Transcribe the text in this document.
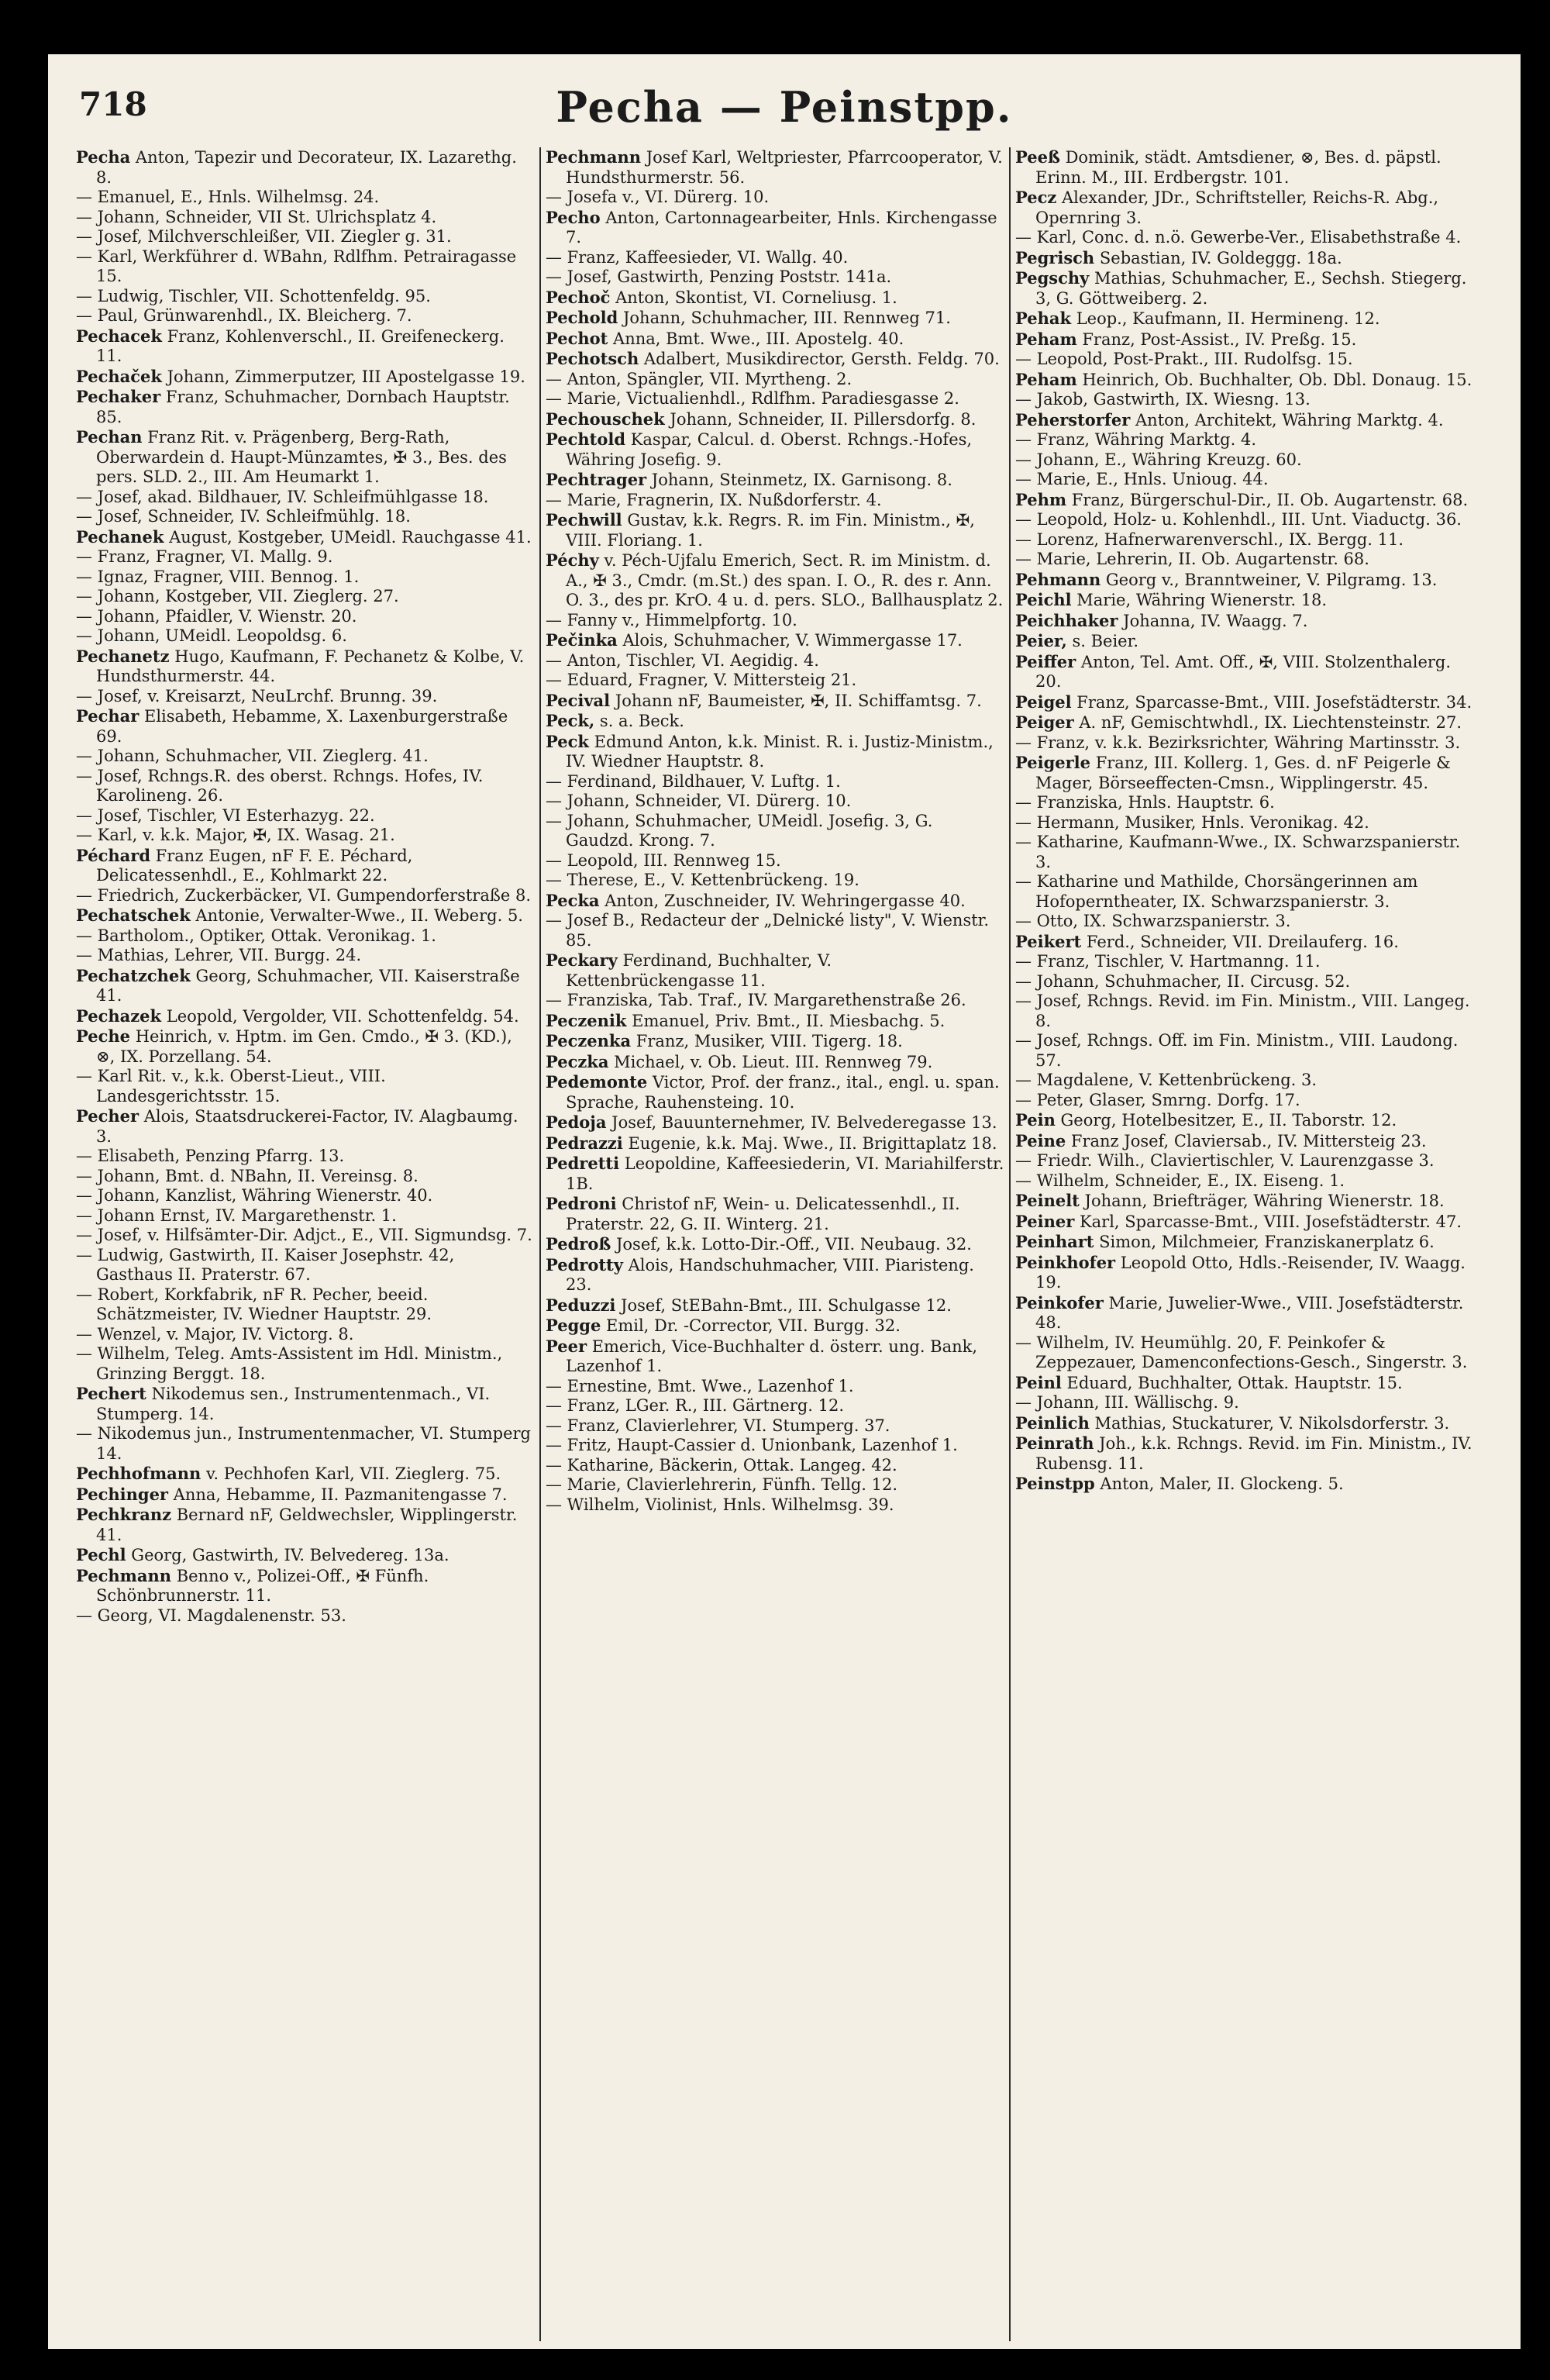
718	Pecha — Peinstpp.

Pecha Anton, Tapezir und Decorateur, IX. Lazarethg. 8.

— Emanuel, E., Hnls. Wilhelmsg. 24.

— Johann, Schneider, VII St. Ulrichsplatz 4.

— Josef, Milchverschleißer, VII. Ziegler g. 31.

— Karl, Werkführer d. WBahn, Rdlfhm. Petrairagasse 15.

— Ludwig, Tischler, VII. Schottenfeldg. 95.

— Paul, Grünwarenhdl., IX. Bleicherg. 7.

Pechacek Franz, Kohlenverschl., II. Greifeneckerg. 11.

Pechaček Johann, Zimmerputzer, III Apostelgasse 19.

Pechaker Franz, Schuhmacher, Dornbach Hauptstr. 85.

Pechan Franz Rit. v. Prägenberg, Berg-Rath, Oberwardein d. Haupt-Münzamtes, ✠ 3., Bes. des pers. SLD. 2., III. Am Heumarkt 1.

— Josef, akad. Bildhauer, IV. Schleifmühlgasse 18.

— Josef, Schneider, IV. Schleifmühlg. 18.

Pechanek August, Kostgeber, UMeidl. Rauchgasse 41.

— Franz, Fragner, VI. Mallg. 9.

— Ignaz, Fragner, VIII. Bennog. 1.

— Johann, Kostgeber, VII. Zieglerg. 27.

— Johann, Pfaidler, V. Wienstr. 20.

— Johann, UMeidl. Leopoldsg. 6.

Pechanetz Hugo, Kaufmann, F. Pechanetz & Kolbe, V. Hundsthurmerstr. 44.

— Josef, v. Kreisarzt, NeuLrchf. Brunng. 39.

Pechar Elisabeth, Hebamme, X. Laxenburgerstraße 69.

— Johann, Schuhmacher, VII. Zieglerg. 41.

— Josef, Rchngs.R. des oberst. Rchngs. Hofes, IV. Karolineng. 26.

— Josef, Tischler, VI Esterhazyg. 22.

— Karl, v. k.k. Major, ✠, IX. Wasag. 21.

Péchard Franz Eugen, nF F. E. Péchard, Delicatessenhdl., E., Kohlmarkt 22.

— Friedrich, Zuckerbäcker, VI. Gumpendorferstraße 8.

Pechatschek Antonie, Verwalter-Wwe., II. Weberg. 5.

— Bartholom., Optiker, Ottak. Veronikag. 1.

— Mathias, Lehrer, VII. Burgg. 24.

Pechatzchek Georg, Schuhmacher, VII. Kaiserstraße 41.

Pechazek Leopold, Vergolder, VII. Schottenfeldg. 54.

Peche Heinrich, v. Hptm. im Gen. Cmdo., ✠ 3. (KD.), ⊗, IX. Porzellang. 54.

— Karl Rit. v., k.k. Oberst-Lieut., VIII. Landesgerichtsstr. 15.

Pecher Alois, Staatsdruckerei-Factor, IV. Alagbaumg. 3.

— Elisabeth, Penzing Pfarrg. 13.

— Johann, Bmt. d. NBahn, II. Vereinsg. 8.

— Johann, Kanzlist, Währing Wienerstr. 40.

— Johann Ernst, IV. Margarethenstr. 1.

— Josef, v. Hilfsämter-Dir. Adjct., E., VII. Sigmundsg. 7.

— Ludwig, Gastwirth, II. Kaiser Josephstr. 42, Gasthaus II. Praterstr. 67.

— Robert, Korkfabrik, nF R. Pecher, beeid. Schätzmeister, IV. Wiedner Hauptstr. 29.

— Wenzel, v. Major, IV. Victorg. 8.

— Wilhelm, Teleg. Amts-Assistent im Hdl. Ministm., Grinzing Berggt. 18.

Pechert Nikodemus sen., Instrumentenmach., VI. Stumperg. 14.

— Nikodemus jun., Instrumentenmacher, VI. Stumperg 14.

Pechhofmann v. Pechhofen Karl, VII. Zieglerg. 75.

Pechinger Anna, Hebamme, II. Pazmanitengasse 7.

Pechkranz Bernard nF, Geldwechsler, Wipplingerstr. 41.

Pechl Georg, Gastwirth, IV. Belvedereg. 13a.

Pechmann Benno v., Polizei-Off., ✠ Fünfh. Schönbrunnerstr. 11.

— Georg, VI. Magdalenenstr. 53.

Pechmann Josef Karl, Weltpriester, Pfarrcooperator, V. Hundsthurmerstr. 56.

— Josefa v., VI. Dürerg. 10.

Pecho Anton, Cartonnagearbeiter, Hnls. Kirchengasse 7.

— Franz, Kaffeesieder, VI. Wallg. 40.

— Josef, Gastwirth, Penzing Poststr. 141a.

Pechoč Anton, Skontist, VI. Corneliusg. 1.

Pechold Johann, Schuhmacher, III. Rennweg 71.

Pechot Anna, Bmt. Wwe., III. Apostelg. 40.

Pechotsch Adalbert, Musikdirector, Gersth. Feldg. 70.

— Anton, Spängler, VII. Myrtheng. 2.

— Marie, Victualienhdl., Rdlfhm. Paradiesgasse 2.

Pechouschek Johann, Schneider, II. Pillersdorfg. 8.

Pechtold Kaspar, Calcul. d. Oberst. Rchngs.-Hofes, Währing Josefig. 9.

Pechtrager Johann, Steinmetz, IX. Garnisong. 8.

— Marie, Fragnerin, IX. Nußdorferstr. 4.

Pechwill Gustav, k.k. Regrs. R. im Fin. Ministm., ✠, VIII. Floriang. 1.

Péchy v. Péch-Ujfalu Emerich, Sect. R. im Ministm. d. A., ✠ 3., Cmdr. (m.St.) des span. I. O., R. des r. Ann. O. 3., des pr. KrO. 4 u. d. pers. SLO., Ballhausplatz 2.

— Fanny v., Himmelpfortg. 10.

Pečinka Alois, Schuhmacher, V. Wimmergasse 17.

— Anton, Tischler, VI. Aegidig. 4.

— Eduard, Fragner, V. Mittersteig 21.

Pecival Johann nF, Baumeister, ✠, II. Schiffamtsg. 7.

Peck, s. a. Beck.

Peck Edmund Anton, k.k. Minist. R. i. Justiz-Ministm., IV. Wiedner Hauptstr. 8.

— Ferdinand, Bildhauer, V. Luftg. 1.

— Johann, Schneider, VI. Dürerg. 10.

— Johann, Schuhmacher, UMeidl. Josefig. 3, G. Gaudzd. Krong. 7.

— Leopold, III. Rennweg 15.

— Therese, E., V. Kettenbrückeng. 19.

Pecka Anton, Zuschneider, IV. Wehringergasse 40.

— Josef B., Redacteur der „Delnické listy", V. Wienstr. 85.

Peckary Ferdinand, Buchhalter, V. Kettenbrückengasse 11.

— Franziska, Tab. Traf., IV. Margarethenstraße 26.

Peczenik Emanuel, Priv. Bmt., II. Miesbachg. 5.

Peczenka Franz, Musiker, VIII. Tigerg. 18.

Peczka Michael, v. Ob. Lieut. III. Rennweg 79.

Pedemonte Victor, Prof. der franz., ital., engl. u. span. Sprache, Rauhensteing. 10.

Pedoja Josef, Bauunternehmer, IV. Belvederegasse 13.

Pedrazzi Eugenie, k.k. Maj. Wwe., II. Brigittaplatz 18.

Pedretti Leopoldine, Kaffeesiederin, VI. Mariahilferstr. 1B.

Pedroni Christof nF, Wein- u. Delicatessenhdl., II. Praterstr. 22, G. II. Winterg. 21.

Pedroß Josef, k.k. Lotto-Dir.-Off., VII. Neubaug. 32.

Pedrotty Alois, Handschuhmacher, VIII. Piaristeng. 23.

Peduzzi Josef, StEBahn-Bmt., III. Schulgasse 12.

Pegge Emil, Dr. -Corrector, VII. Burgg. 32.

Peer Emerich, Vice-Buchhalter d. österr. ung. Bank, Lazenhof 1.

— Ernestine, Bmt. Wwe., Lazenhof 1.

— Franz, LGer. R., III. Gärtnerg. 12.

— Franz, Clavierlehrer, VI. Stumperg. 37.

— Fritz, Haupt-Cassier d. Unionbank, Lazenhof 1.

— Katharine, Bäckerin, Ottak. Langeg. 42.

— Marie, Clavierlehrerin, Fünfh. Tellg. 12.

— Wilhelm, Violinist, Hnls. Wilhelmsg. 39.

Peeß Dominik, städt. Amtsdiener, ⊗, Bes. d. päpstl. Erinn. M., III. Erdbergstr. 101.

Pecz Alexander, JDr., Schriftsteller, Reichs-R. Abg., Opernring 3.

— Karl, Conc. d. n.ö. Gewerbe-Ver., Elisabethstraße 4.

Pegrisch Sebastian, IV. Goldeggg. 18a.

Pegschy Mathias, Schuhmacher, E., Sechsh. Stiegerg. 3, G. Göttweiberg. 2.

Pehak Leop., Kaufmann, II. Hermineng. 12.

Peham Franz, Post-Assist., IV. Preßg. 15.

— Leopold, Post-Prakt., III. Rudolfsg. 15.

Peham Heinrich, Ob. Buchhalter, Ob. Dbl. Donaug. 15.

— Jakob, Gastwirth, IX. Wiesng. 13.

Peherstorfer Anton, Architekt, Währing Marktg. 4.

— Franz, Währing Marktg. 4.

— Johann, E., Währing Kreuzg. 60.

— Marie, E., Hnls. Unioug. 44.

Pehm Franz, Bürgerschul-Dir., II. Ob. Augartenstr. 68.

— Leopold, Holz- u. Kohlenhdl., III. Unt. Viaductg. 36.

— Lorenz, Hafnerwarenverschl., IX. Bergg. 11.

— Marie, Lehrerin, II. Ob. Augartenstr. 68.

Pehmann Georg v., Branntweiner, V. Pilgramg. 13.

Peichl Marie, Währing Wienerstr. 18.

Peichhaker Johanna, IV. Waagg. 7.

Peier, s. Beier.

Peiffer Anton, Tel. Amt. Off., ✠, VIII. Stolzenthalerg. 20.

Peigel Franz, Sparcasse-Bmt., VIII. Josefstädterstr. 34.

Peiger A. nF, Gemischtwhdl., IX. Liechtensteinstr. 27.

— Franz, v. k.k. Bezirksrichter, Währing Martinsstr. 3.

Peigerle Franz, III. Kollerg. 1, Ges. d. nF Peigerle & Mager, Börseeffecten-Cmsn., Wipplingerstr. 45.

— Franziska, Hnls. Hauptstr. 6.

— Hermann, Musiker, Hnls. Veronikag. 42.

— Katharine, Kaufmann-Wwe., IX. Schwarzspanierstr. 3.

— Katharine und Mathilde, Chorsängerinnen am Hofoperntheater, IX. Schwarzspanierstr. 3.

— Otto, IX. Schwarzspanierstr. 3.

Peikert Ferd., Schneider, VII. Dreilauferg. 16.

— Franz, Tischler, V. Hartmanng. 11.

— Johann, Schuhmacher, II. Circusg. 52.

— Josef, Rchngs. Revid. im Fin. Ministm., VIII. Langeg. 8.

— Josef, Rchngs. Off. im Fin. Ministm., VIII. Laudong. 57.

— Magdalene, V. Kettenbrückeng. 3.

— Peter, Glaser, Smrng. Dorfg. 17.

Pein Georg, Hotelbesitzer, E., II. Taborstr. 12.

Peine Franz Josef, Claviersab., IV. Mittersteig 23.

— Friedr. Wilh., Claviertischler, V. Laurenzgasse 3.

— Wilhelm, Schneider, E., IX. Eiseng. 1.

Peinelt Johann, Briefträger, Währing Wienerstr. 18.

Peiner Karl, Sparcasse-Bmt., VIII. Josefstädterstr. 47.

Peinhart Simon, Milchmeier, Franziskanerplatz 6.

Peinkhofer Leopold Otto, Hdls.-Reisender, IV. Waagg. 19.

Peinkofer Marie, Juwelier-Wwe., VIII. Josefstädterstr. 48.

— Wilhelm, IV. Heumühlg. 20, F. Peinkofer & Zeppezauer, Damenconfections-Gesch., Singerstr. 3.

Peinl Eduard, Buchhalter, Ottak. Hauptstr. 15.

— Johann, III. Wällischg. 9.

Peinlich Mathias, Stuckaturer, V. Nikolsdorferstr. 3.

Peinrath Joh., k.k. Rchngs. Revid. im Fin. Ministm., IV. Rubensg. 11.

Peinstpp Anton, Maler, II. Glockeng. 5.
